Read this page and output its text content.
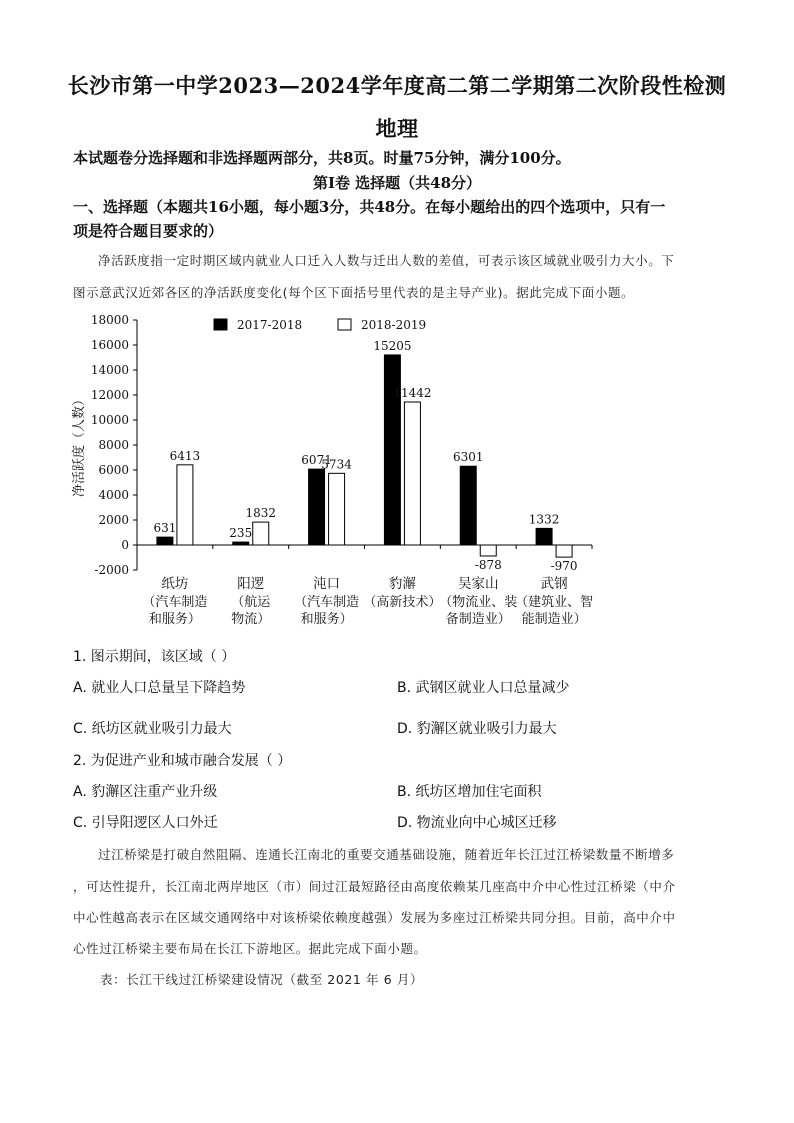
长沙市第一中学2023—2024学年度高二第二学期第二次阶段性检测
地理
本试题卷分选择题和非选择题两部分，共8页。时量75分钟，满分100分。
第Ⅰ卷 选择题（共48分）
一、选择题（本题共16小题，每小题3分，共48分。在每小题给出的四个选项中，只有一
项是符合题目要求的）
净活跃度指一定时期区域内就业人口迁入人数与迁出人数的差值，可表示该区域就业吸引力大小。下
图示意武汉近郊各区的净活跃度变化(每个区下面括号里代表的是主导产业)。据此完成下面小题。
-2000
0
2000
4000
6000
8000
10000
12000
14000
16000
18000
净活跃度（人数）
631
6413
纸坊
（汽车制造
和服务）
235
1832
阳逻
（航运
物流）
6071
5734
沌口
（汽车制造
和服务）
15205
11442
豹澥
（高新技术）
6301
-878
吴家山
（物流业、装
备制造业）
1332
-970
武钢
（建筑业、智
能制造业）
2017-2018	2018-2019
1. 图示期间，该区域（ ）
A. 就业人口总量呈下降趋势	B. 武钢区就业人口总量减少
C. 纸坊区就业吸引力最大	D. 豹澥区就业吸引力最大
2. 为促进产业和城市融合发展（ ）
A. 豹澥区注重产业升级	B. 纸坊区增加住宅面积
C. 引导阳逻区人口外迁	D. 物流业向中心城区迁移
过江桥梁是打破自然阻隔、连通长江南北的重要交通基础设施，随着近年长江过江桥梁数量不断增多
，可达性提升，长江南北两岸地区（市）间过江最短路径由高度依赖某几座高中介中心性过江桥梁（中介
中心性越高表示在区域交通网络中对该桥梁依赖度越强）发展为多座过江桥梁共同分担。目前，高中介中
心性过江桥梁主要布局在长江下游地区。据此完成下面小题。
表：长江干线过江桥梁建设情况（截至 2021 年 6 月）
